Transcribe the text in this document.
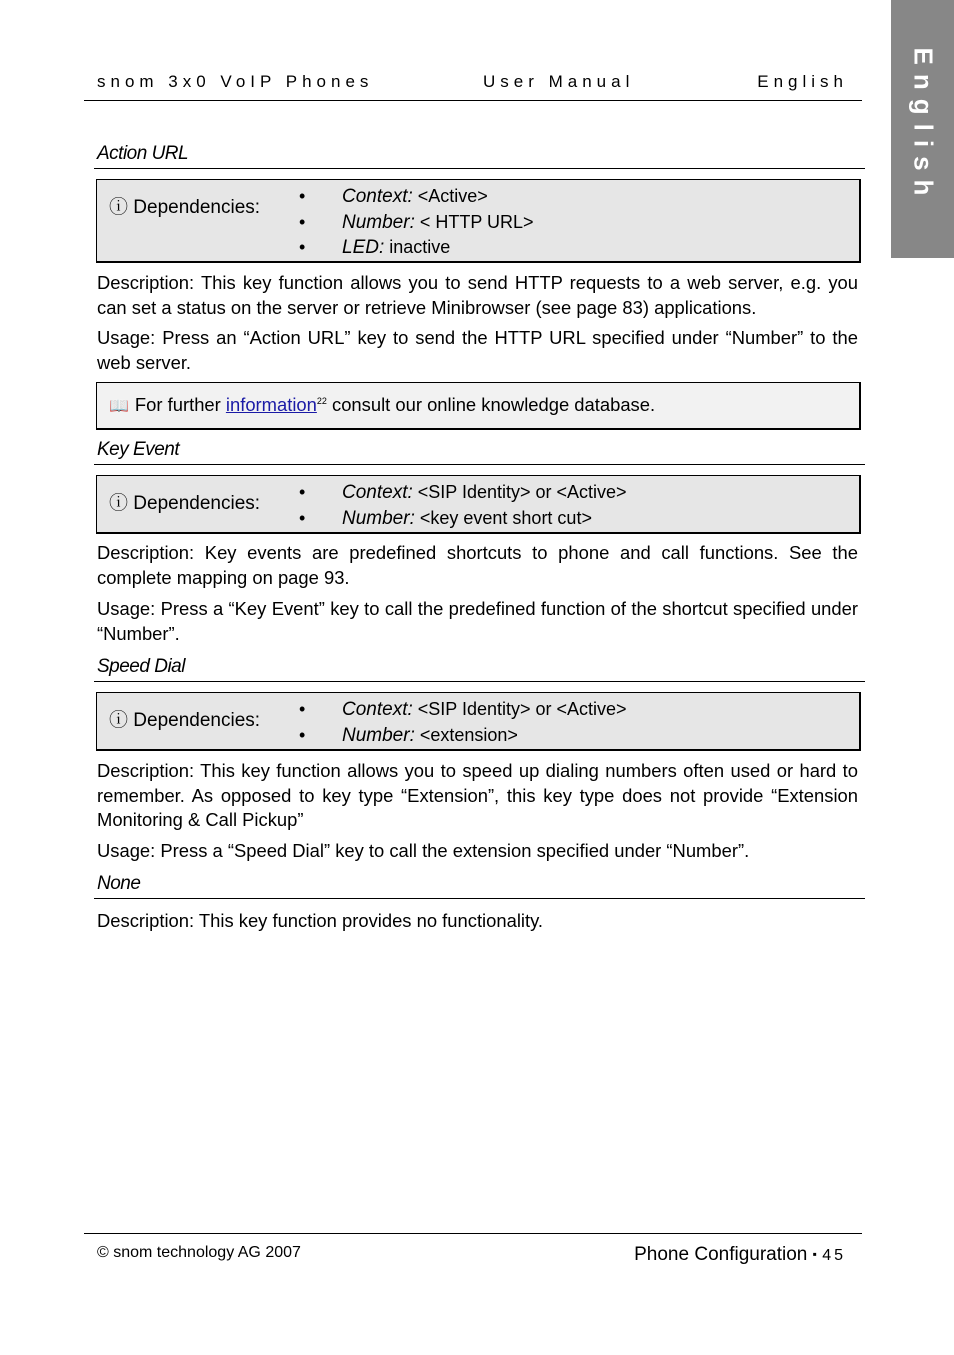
English
snom 3x0 VoIP Phones	User Manual	English
Action URL
ⓘ Dependencies:
• Context: <Active>
• Number: < HTTP URL>
• LED: inactive
Description: This key function allows you to send HTTP requests to a web server, e.g. you can set a status on the server or retrieve Minibrowser (see page 83) applications.
Usage: Press an “Action URL” key to send the HTTP URL specified under “Number” to the web server.
📖 For further information$^{22}$ consult our online knowledge database.
Key Event
ⓘ Dependencies:
• Context: <SIP Identity> or <Active>
• Number: <key event short cut>
Description: Key events are predefined shortcuts to phone and call functions. See the complete mapping on page 93.
Usage: Press a “Key Event” key to call the predefined function of the shortcut specified under “Number”.
Speed Dial
ⓘ Dependencies:
• Context: <SIP Identity> or <Active>
• Number: <extension>
Description: This key function allows you to speed up dialing numbers often used or hard to remember. As opposed to key type “Extension”, this key type does not provide “Extension Monitoring & Call Pickup”
Usage: Press a “Speed Dial” key to call the extension specified under “Number”.
None
Description: This key function provides no functionality.
© snom technology AG 2007	Phone Configuration ▪ 45
